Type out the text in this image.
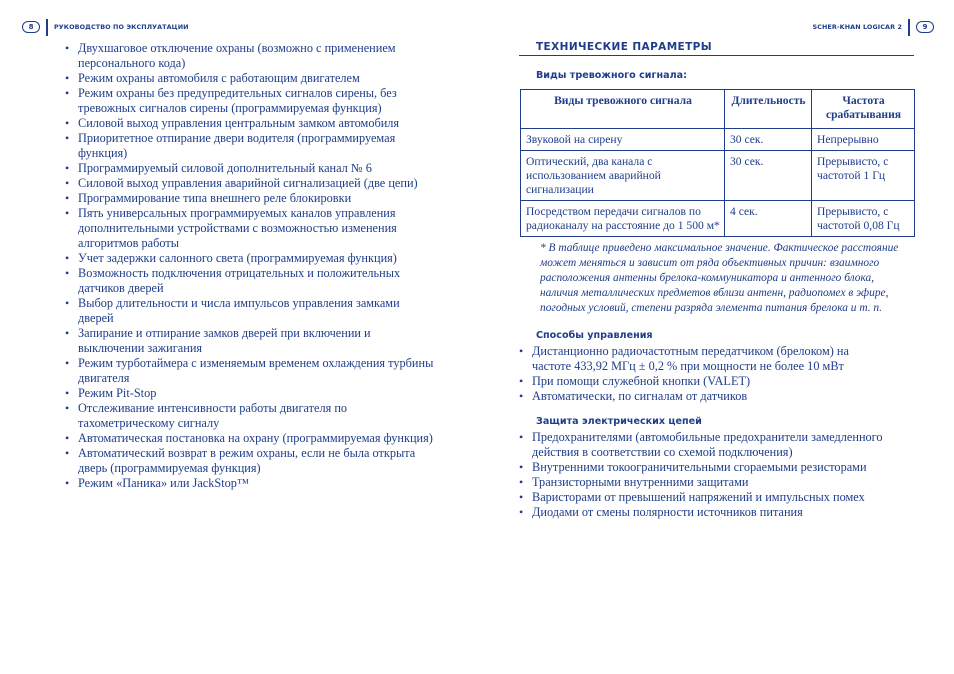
8	РУКОВОДСТВО ПО ЭКСПЛУАТАЦИИ	SCHER-KHAN LOGICAR 2	9
• Двухшаговое отключение охраны (возможно с применением персонального кода)
• Режим охраны автомобиля с работающим двигателем
• Режим охраны без предупредительных сигналов сирены, без тревожных сигналов сирены (программируемая функция)
• Силовой выход управления центральным замком автомобиля
• Приоритетное отпирание двери водителя (программируемая функция)
• Программируемый силовой дополнительный канал № 6
• Силовой выход управления аварийной сигнализацией (две цепи)
• Программирование типа внешнего реле блокировки
• Пять универсальных программируемых каналов управления дополнительными устройствами с возможностью изменения алгоритмов работы
• Учет задержки салонного света (программируемая функция)
• Возможность подключения отрицательных и положительных датчиков дверей
• Выбор длительности и числа импульсов управления замками дверей
• Запирание и отпирание замков дверей при включении и выключении зажигания
• Режим турботаймера с изменяемым временем охлаждения турбины двигателя
• Режим Pit-Stop
• Отслеживание интенсивности работы двигателя по тахометрическому сигналу
• Автоматическая постановка на охрану (программируемая функция)
• Автоматический возврат в режим охраны, если не была открыта дверь (программируемая функция)
• Режим «Паника» или JackStop™
ТЕХНИЧЕСКИЕ ПАРАМЕТРЫ
Виды тревожного сигнала:
Виды тревожного сигнала	Длительность	Частота срабатывания
Звуковой на сирену	30 сек.	Непрерывно
Оптический, два канала с использованием аварийной сигнализации	30 сек.	Прерывисто, с частотой 1 Гц
Посредством передачи сигналов по радиоканалу на расстояние до 1 500 м*	4 сек.	Прерывисто, с частотой 0,08 Гц
* В таблице приведено максимальное значение. Фактическое расстояние может меняться и зависит от ряда объективных причин: взаимного расположения антенны брелока-коммуникатора и антенного блока, наличия металлических предметов вблизи антенн, радиопомех в эфире, погодных условий, степени разряда элемента питания брелока и т. п.
Способы управления
• Дистанционно радиочастотным передатчиком (брелоком) на частоте 433,92 МГц ± 0,2 % при мощности не более 10 мВт
• При помощи служебной кнопки (VALET)
• Автоматически, по сигналам от датчиков
Защита электрических цепей
• Предохранителями (автомобильные предохранители замедленного действия в соответствии со схемой подключения)
• Внутренними токоограничительными сгораемыми резисторами
• Транзисторными внутренними защитами
• Варисторами от превышений напряжений и импульсных помех
• Диодами от смены полярности источников питания
